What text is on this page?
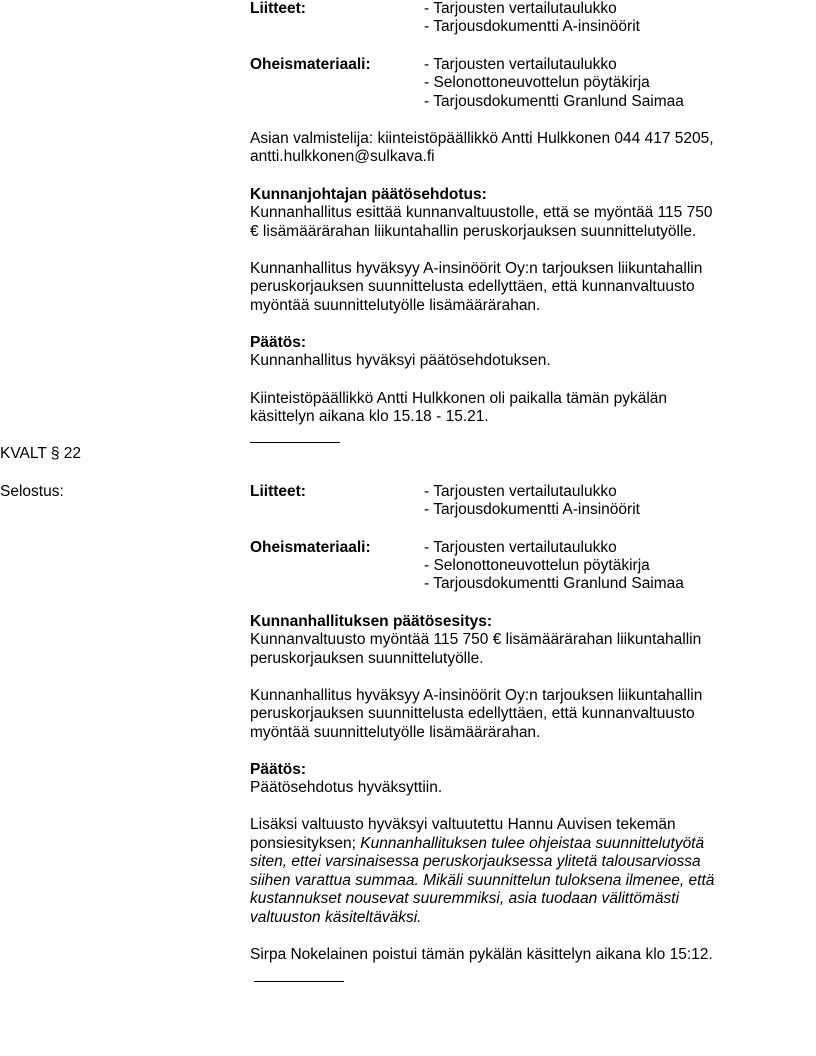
Liitteet:	- Tarjousten vertailutaulukko
- Tarjousdokumentti A-insinöörit
Oheismateriaali:	- Tarjousten vertailutaulukko
- Selonottoneuvottelun pöytäkirja
- Tarjousdokumentti Granlund Saimaa
Asian valmistelija: kiinteistöpäällikkö Antti Hulkkonen 044 417 5205,
antti.hulkkonen@sulkava.fi
Kunnanjohtajan päätösehdotus:
Kunnanhallitus esittää kunnanvaltuustolle, että se myöntää 115 750
€ lisämäärärahan liikuntahallin peruskorjauksen suunnittelutyölle.
Kunnanhallitus hyväksyy A-insinöörit Oy:n tarjouksen liikuntahallin
peruskorjauksen suunnittelusta edellyttäen, että kunnanvaltuusto
myöntää suunnittelutyölle lisämäärärahan.
Päätös:
Kunnanhallitus hyväksyi päätösehdotuksen.
Kiinteistöpäällikkö Antti Hulkkonen oli paikalla tämän pykälän
käsittelyn aikana klo 15.18 - 15.21.
KVALT § 22
Selostus:	Liitteet:	- Tarjousten vertailutaulukko
- Tarjousdokumentti A-insinöörit
Oheismateriaali:	- Tarjousten vertailutaulukko
- Selonottoneuvottelun pöytäkirja
- Tarjousdokumentti Granlund Saimaa
Kunnanhallituksen päätösesitys:
Kunnanvaltuusto myöntää 115 750 € lisämäärärahan liikuntahallin
peruskorjauksen suunnittelutyölle.
Kunnanhallitus hyväksyy A-insinöörit Oy:n tarjouksen liikuntahallin
peruskorjauksen suunnittelusta edellyttäen, että kunnanvaltuusto
myöntää suunnittelutyölle lisämäärärahan.
Päätös:
Päätösehdotus hyväksyttiin.
Lisäksi valtuusto hyväksyi valtuutettu Hannu Auvisen tekemän
ponsiesityksen; Kunnanhallituksen tulee ohjeistaa suunnittelutyötä
siten, ettei varsinaisessa peruskorjauksessa ylitetä talousarviossa
siihen varattua summaa. Mikäli suunnittelun tuloksena ilmenee, että
kustannukset nousevat suuremmiksi, asia tuodaan välittömästi
valtuuston käsiteltäväksi.
Sirpa Nokelainen poistui tämän pykälän käsittelyn aikana klo 15:12.
